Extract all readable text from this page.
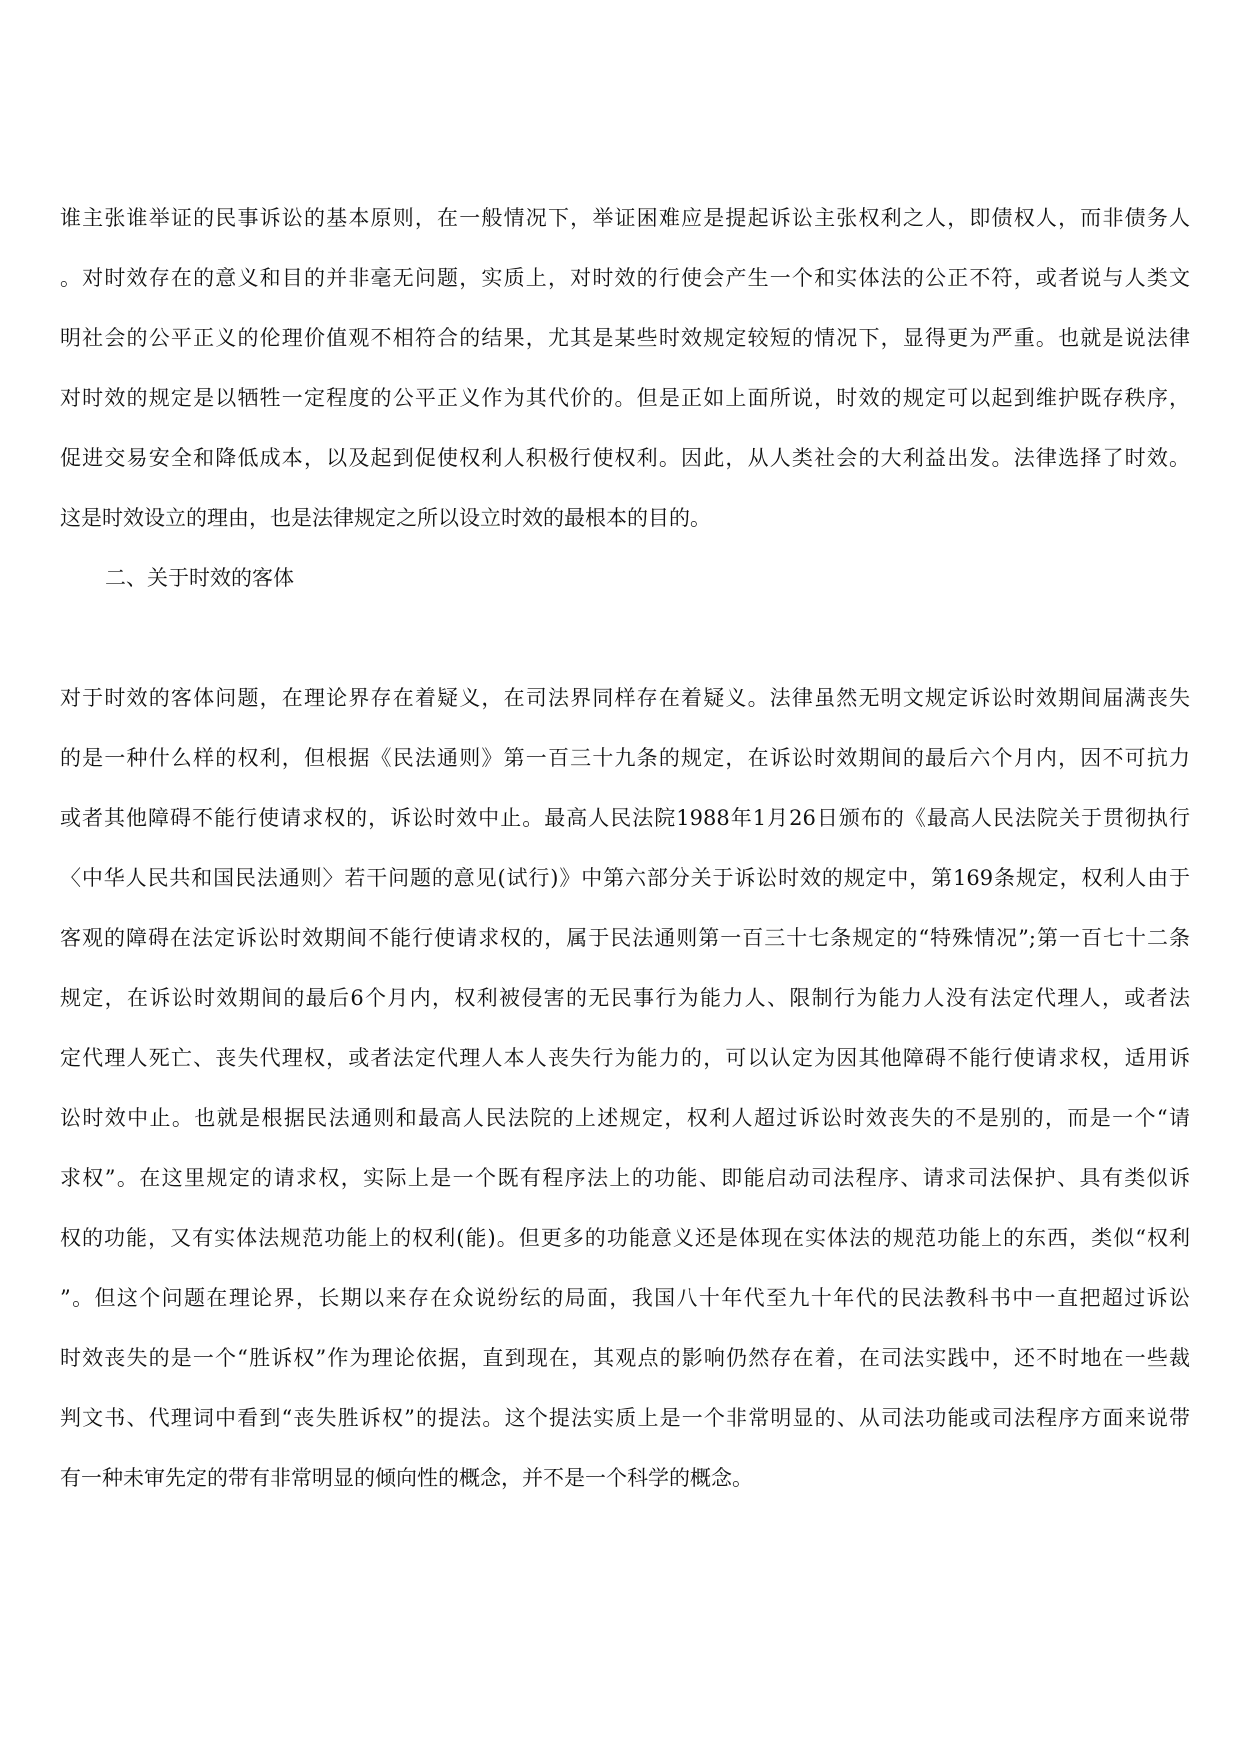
谁主张谁举证的民事诉讼的基本原则，在一般情况下，举证困难应是提起诉讼主张权利之人，即债权人，而非债务人
。对时效存在的意义和目的并非毫无问题，实质上，对时效的行使会产生一个和实体法的公正不符，或者说与人类文
明社会的公平正义的伦理价值观不相符合的结果，尤其是某些时效规定较短的情况下，显得更为严重。也就是说法律
对时效的规定是以牺牲一定程度的公平正义作为其代价的。但是正如上面所说，时效的规定可以起到维护既存秩序，
促进交易安全和降低成本，以及起到促使权利人积极行使权利。因此，从人类社会的大利益出发。法律选择了时效。
这是时效设立的理由，也是法律规定之所以设立时效的最根本的目的。
二、关于时效的客体
对于时效的客体问题，在理论界存在着疑义，在司法界同样存在着疑义。法律虽然无明文规定诉讼时效期间届满丧失
的是一种什么样的权利，但根据《民法通则》第一百三十九条的规定，在诉讼时效期间的最后六个月内，因不可抗力
或者其他障碍不能行使请求权的，诉讼时效中止。最高人民法院1988年1月26日颁布的《最高人民法院关于贯彻执行
〈中华人民共和国民法通则〉若干问题的意见(试行)》中第六部分关于诉讼时效的规定中，第169条规定，权利人由于
客观的障碍在法定诉讼时效期间不能行使请求权的，属于民法通则第一百三十七条规定的“特殊情况”;第一百七十二条
规定，在诉讼时效期间的最后6个月内，权利被侵害的无民事行为能力人、限制行为能力人没有法定代理人，或者法
定代理人死亡、丧失代理权，或者法定代理人本人丧失行为能力的，可以认定为因其他障碍不能行使请求权，适用诉
讼时效中止。也就是根据民法通则和最高人民法院的上述规定，权利人超过诉讼时效丧失的不是别的，而是一个“请
求权”。在这里规定的请求权，实际上是一个既有程序法上的功能、即能启动司法程序、请求司法保护、具有类似诉
权的功能，又有实体法规范功能上的权利(能)。但更多的功能意义还是体现在实体法的规范功能上的东西，类似“权利
”。但这个问题在理论界，长期以来存在众说纷纭的局面，我国八十年代至九十年代的民法教科书中一直把超过诉讼
时效丧失的是一个“胜诉权”作为理论依据，直到现在，其观点的影响仍然存在着，在司法实践中，还不时地在一些裁
判文书、代理词中看到“丧失胜诉权”的提法。这个提法实质上是一个非常明显的、从司法功能或司法程序方面来说带
有一种未审先定的带有非常明显的倾向性的概念，并不是一个科学的概念。
